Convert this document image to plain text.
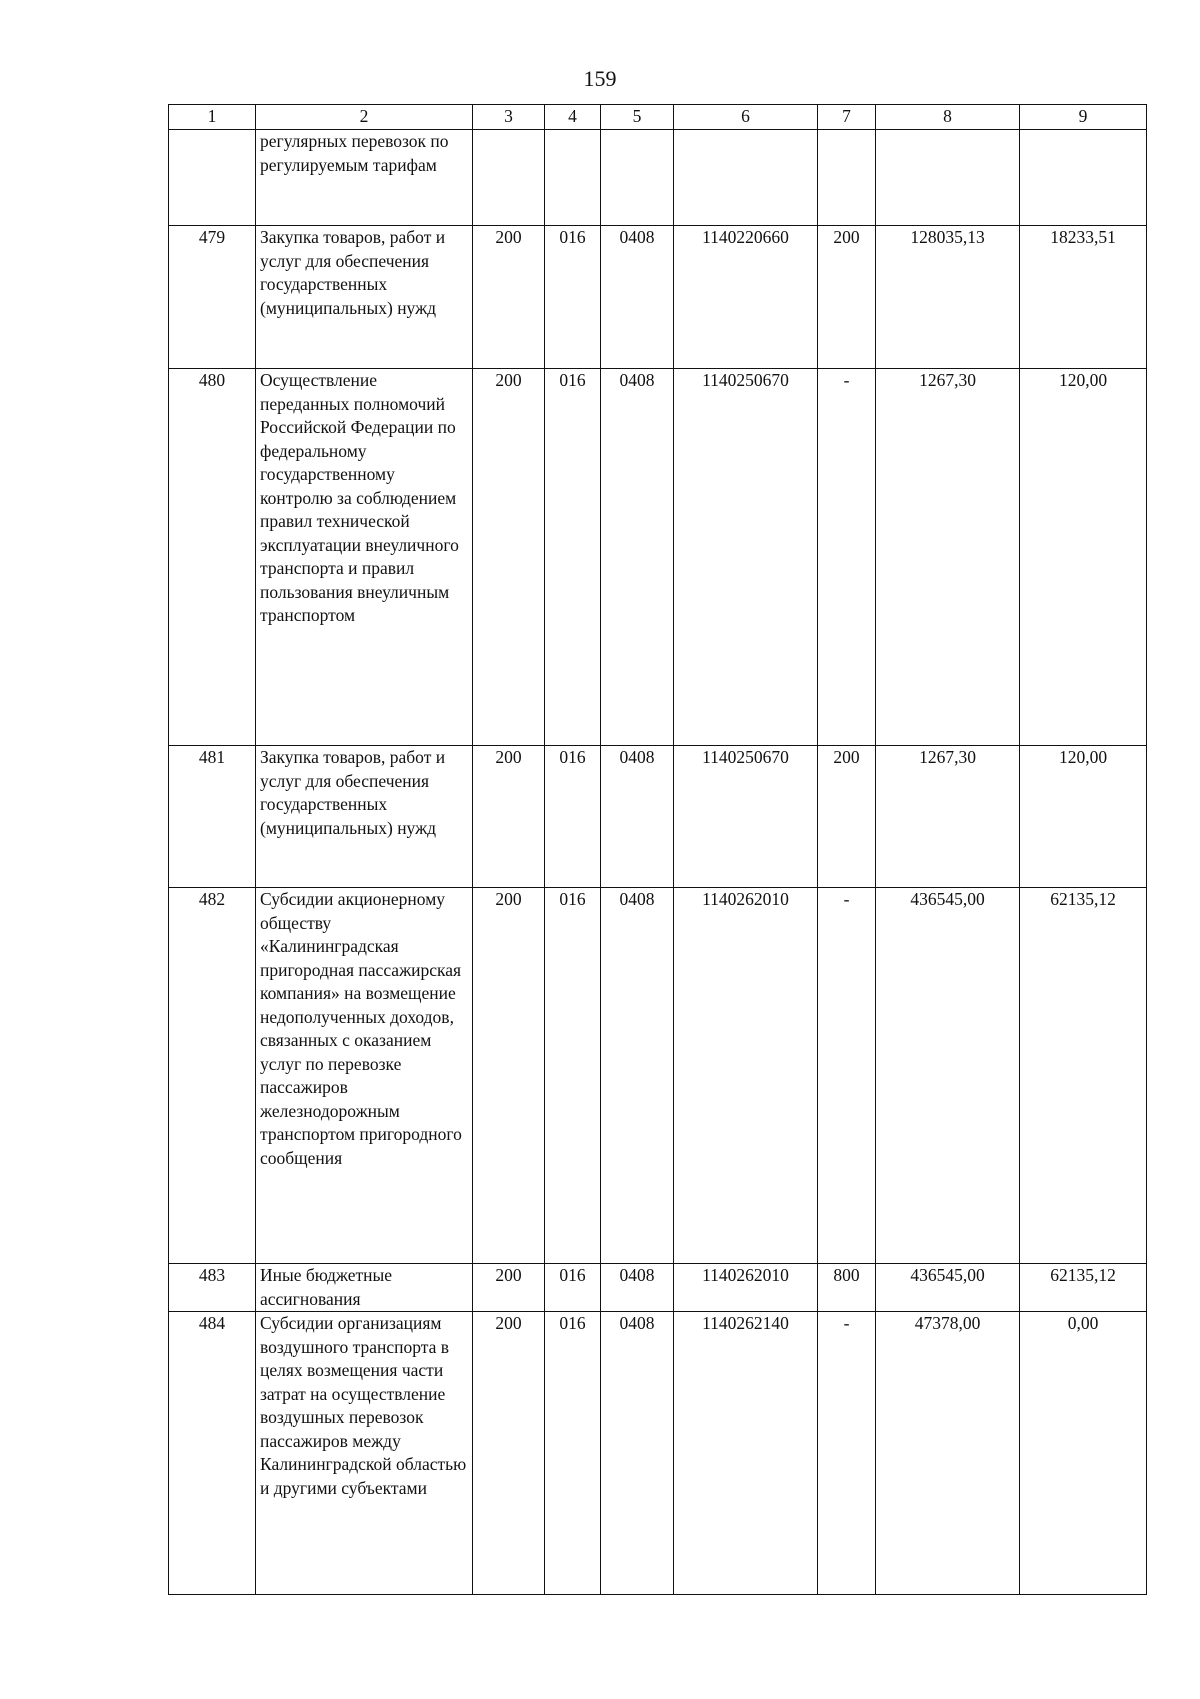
159
1	2	3	4	5	6	7	8	9
	регулярных перевозок по регулируемым тарифам							
479	Закупка товаров, работ и услуг для обеспечения государственных (муниципальных) нужд	200	016	0408	1140220660	200	128035,13	18233,51
480	Осуществление переданных полномочий Российской Федерации по федеральному государственному контролю за соблюдением правил технической эксплуатации внеуличного транспорта и правил пользования внеуличным транспортом	200	016	0408	1140250670	-	1267,30	120,00
481	Закупка товаров, работ и услуг для обеспечения государственных (муниципальных) нужд	200	016	0408	1140250670	200	1267,30	120,00
482	Субсидии акционерному обществу «Калининградская пригородная пассажирская компания» на возмещение недополученных доходов, связанных с оказанием услуг по перевозке пассажиров железнодорожным транспортом пригородного сообщения	200	016	0408	1140262010	-	436545,00	62135,12
483	Иные бюджетные ассигнования	200	016	0408	1140262010	800	436545,00	62135,12
484	Субсидии организациям воздушного транспорта в целях возмещения части затрат на осуществление воздушных перевозок пассажиров между Калининградской областью и другими субъектами	200	016	0408	1140262140	-	47378,00	0,00
